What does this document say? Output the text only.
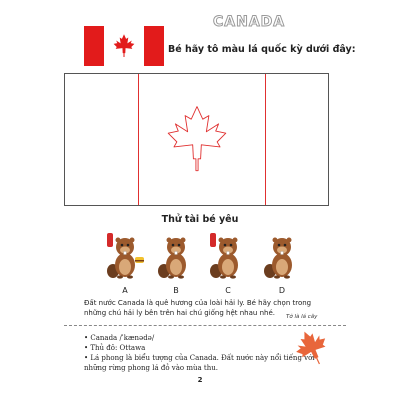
CANADA
Bé hãy tô màu lá quốc kỳ dưới đây:
Thử tài bé yêu
A	B	C	D
Đất nước Canada là quê hương của loài hải ly. Bé hãy chọn trong những chú hải ly bên trên hai chú giống hệt nhau nhé.	Tớ là lá cây

• Canada /ˈkænədə/

• Thủ đô: Ottawa

• Lá phong là biểu tượng của Canada. Đất nước này nổi tiếng với những rừng phong lá đỏ vào mùa thu.

2
